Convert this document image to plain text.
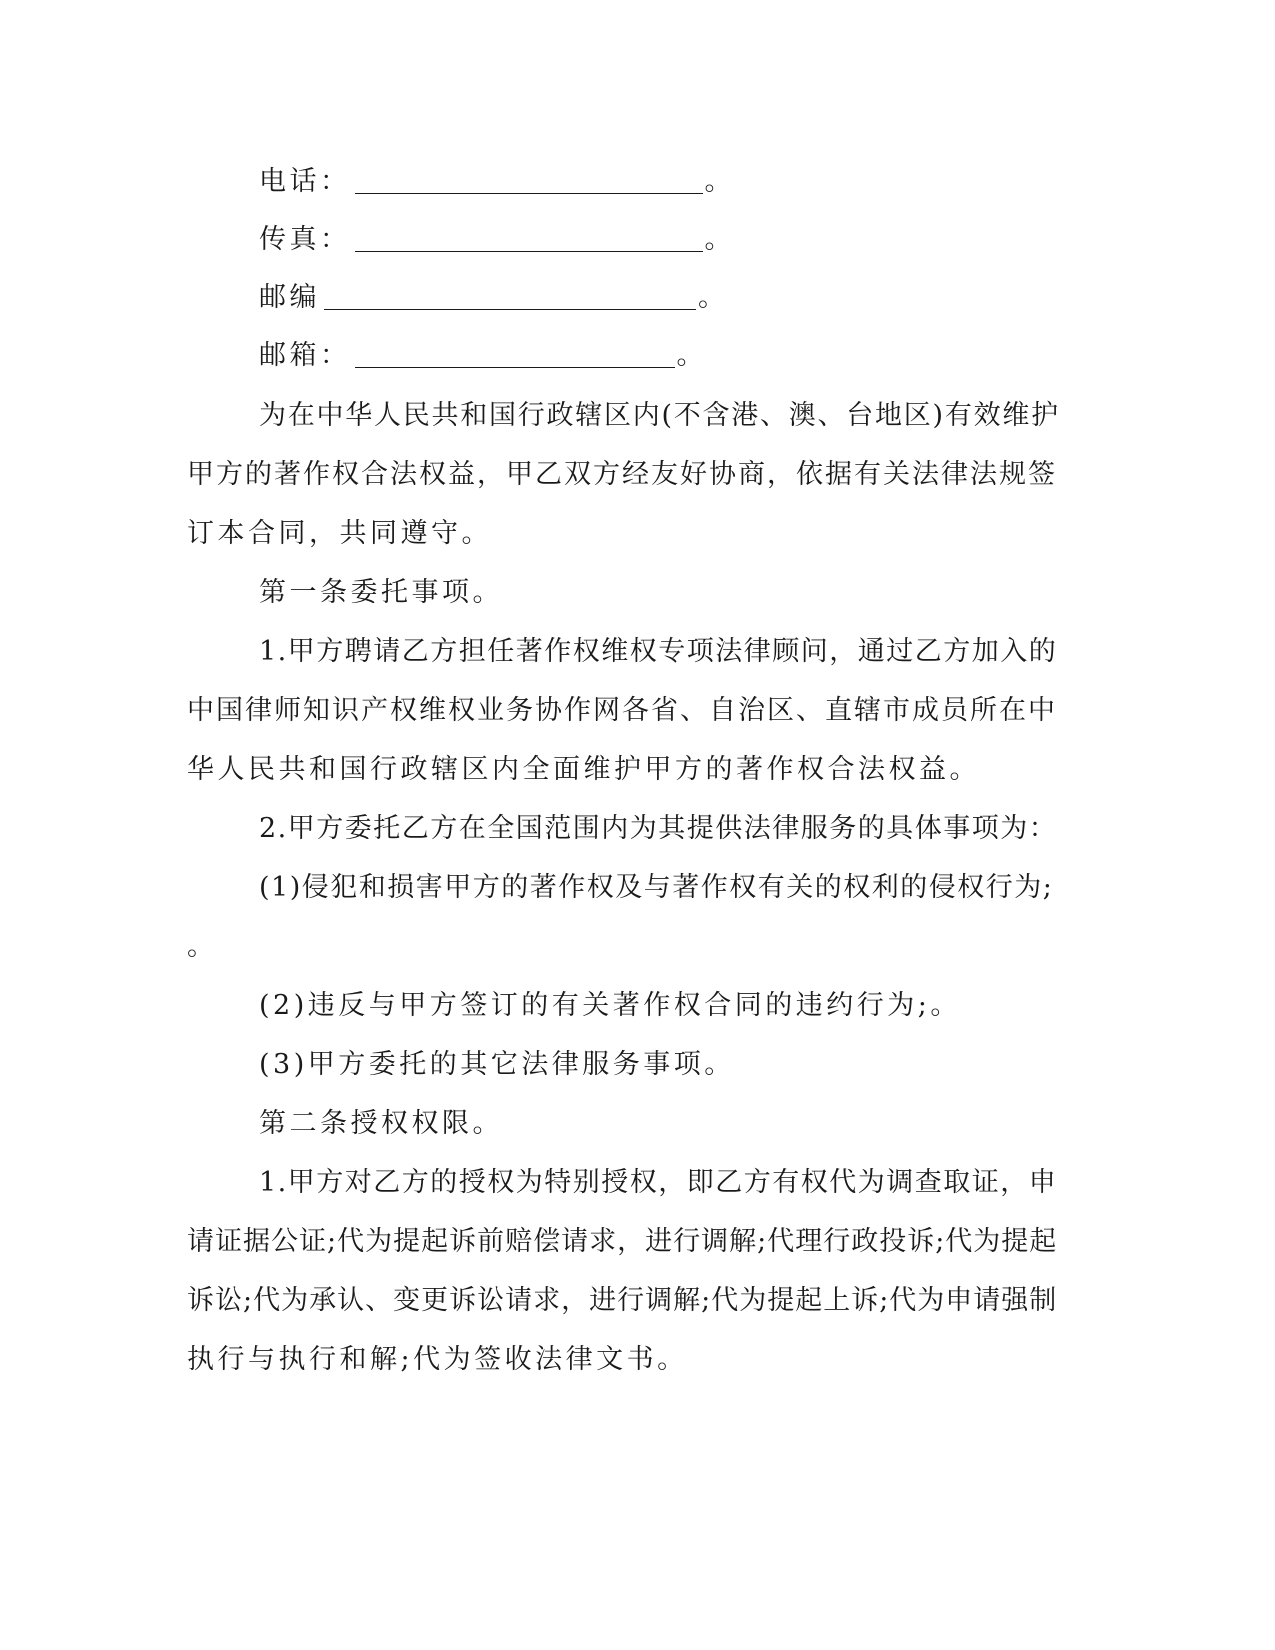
电话：	。
传真：	。
邮编	。
邮箱：	。
为在中华人民共和国行政辖区内(不含港、澳、台地区)有效维护
甲方的著作权合法权益，甲乙双方经友好协商，依据有关法律法规签
订本合同，共同遵守。
第一条委托事项。
1.甲方聘请乙方担任著作权维权专项法律顾问，通过乙方加入的
中国律师知识产权维权业务协作网各省、自治区、直辖市成员所在中
华人民共和国行政辖区内全面维护甲方的著作权合法权益。
2.甲方委托乙方在全国范围内为其提供法律服务的具体事项为：
(1)侵犯和损害甲方的著作权及与著作权有关的权利的侵权行为;
。
(2)违反与甲方签订的有关著作权合同的违约行为;。
(3)甲方委托的其它法律服务事项。
第二条授权权限。
1.甲方对乙方的授权为特别授权，即乙方有权代为调查取证，申
请证据公证;代为提起诉前赔偿请求，进行调解;代理行政投诉;代为提起
诉讼;代为承认、变更诉讼请求，进行调解;代为提起上诉;代为申请强制
执行与执行和解;代为签收法律文书。
